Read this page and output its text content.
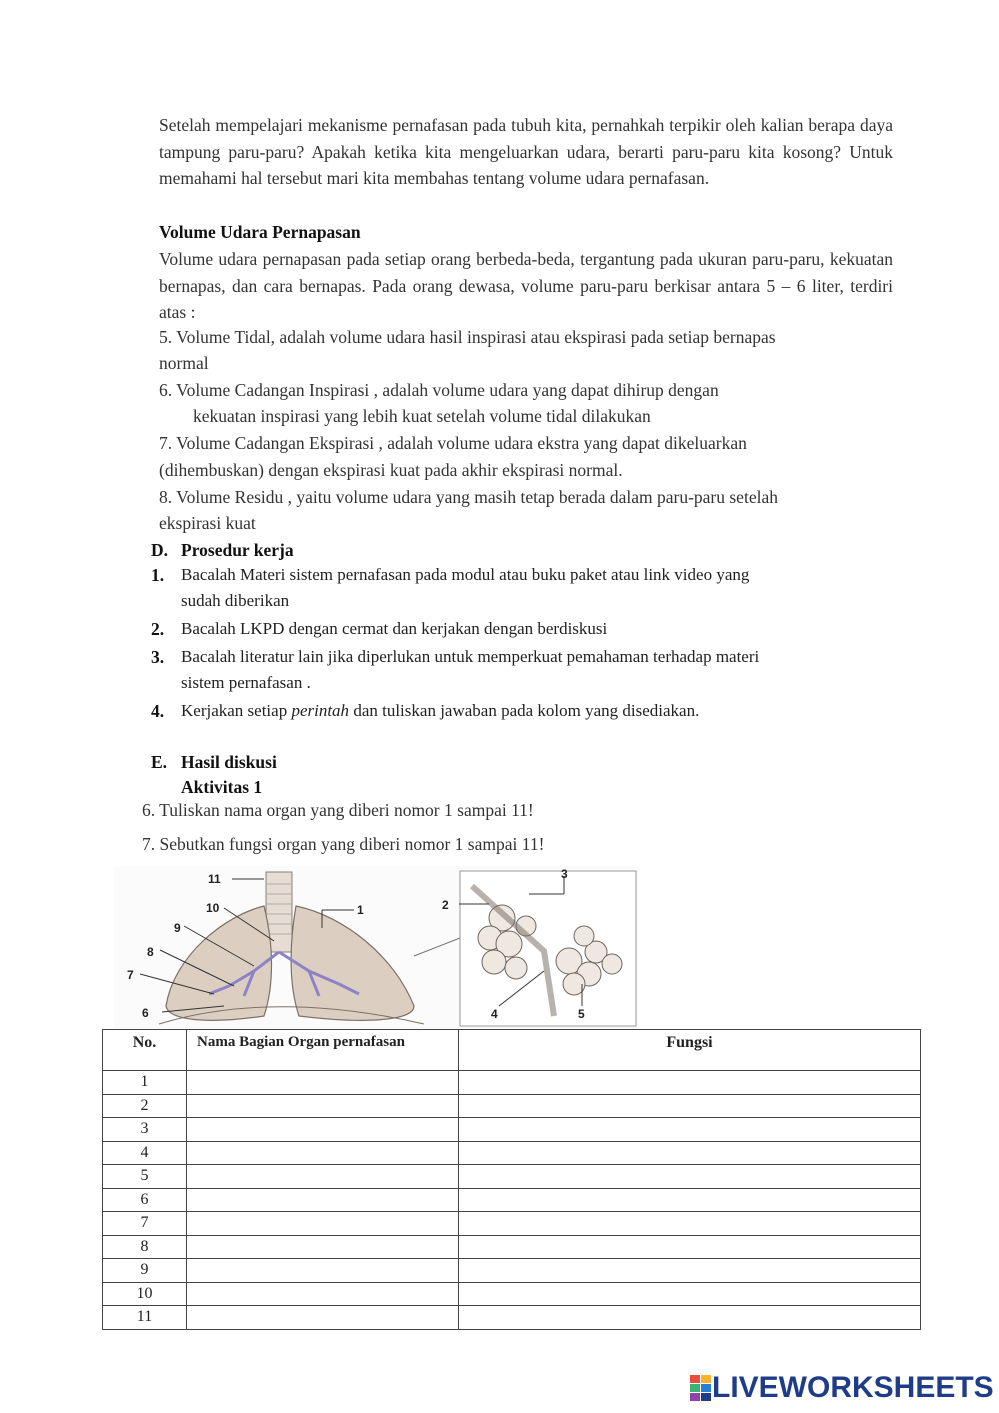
Setelah mempelajari mekanisme pernafasan pada tubuh kita, pernahkah terpikir oleh kalian berapa daya tampung paru-paru? Apakah ketika kita mengeluarkan udara, berarti paru-paru kita kosong? Untuk memahami hal tersebut mari kita membahas tentang volume udara pernafasan.

Volume Udara Pernapasan

Volume udara pernapasan pada setiap orang berbeda-beda, tergantung pada ukuran paru-paru, kekuatan bernapas, dan cara bernapas. Pada orang dewasa, volume paru-paru berkisar antara 5 – 6 liter, terdiri atas :

5. Volume Tidal, adalah volume udara hasil inspirasi atau ekspirasi pada setiap bernapas
normal
6. Volume Cadangan Inspirasi , adalah volume udara yang dapat dihirup dengan
kekuatan inspirasi yang lebih kuat setelah volume tidal dilakukan
7. Volume Cadangan Ekspirasi , adalah volume udara ekstra yang dapat dikeluarkan
(dihembuskan) dengan ekspirasi kuat pada akhir ekspirasi normal.
8. Volume Residu , yaitu volume udara yang masih tetap berada dalam paru-paru setelah
ekspirasi kuat
D. Prosedur kerja
1. Bacalah Materi sistem pernafasan pada modul atau buku paket atau link video yang
sudah diberikan
2. Bacalah LKPD dengan cermat dan kerjakan dengan berdiskusi
3. Bacalah literatur lain jika diperlukan untuk memperkuat pemahaman terhadap materi
sistem pernafasan .
4. Kerjakan setiap perintah dan tuliskan jawaban pada kolom yang disediakan.
E. Hasil diskusi
Aktivitas 1
6. Tuliskan nama organ yang diberi nomor 1 sampai 11!
7. Sebutkan fungsi organ yang diberi nomor 1 sampai 11!
11
10	1
9
8
7
6
2
3
4	5
No.	Nama Bagian Organ pernafasan	Fungsi
1		
2		
3		
4		
5		
6		
7		
8		
9		
10		
11		
LIVEWORKSHEETS
